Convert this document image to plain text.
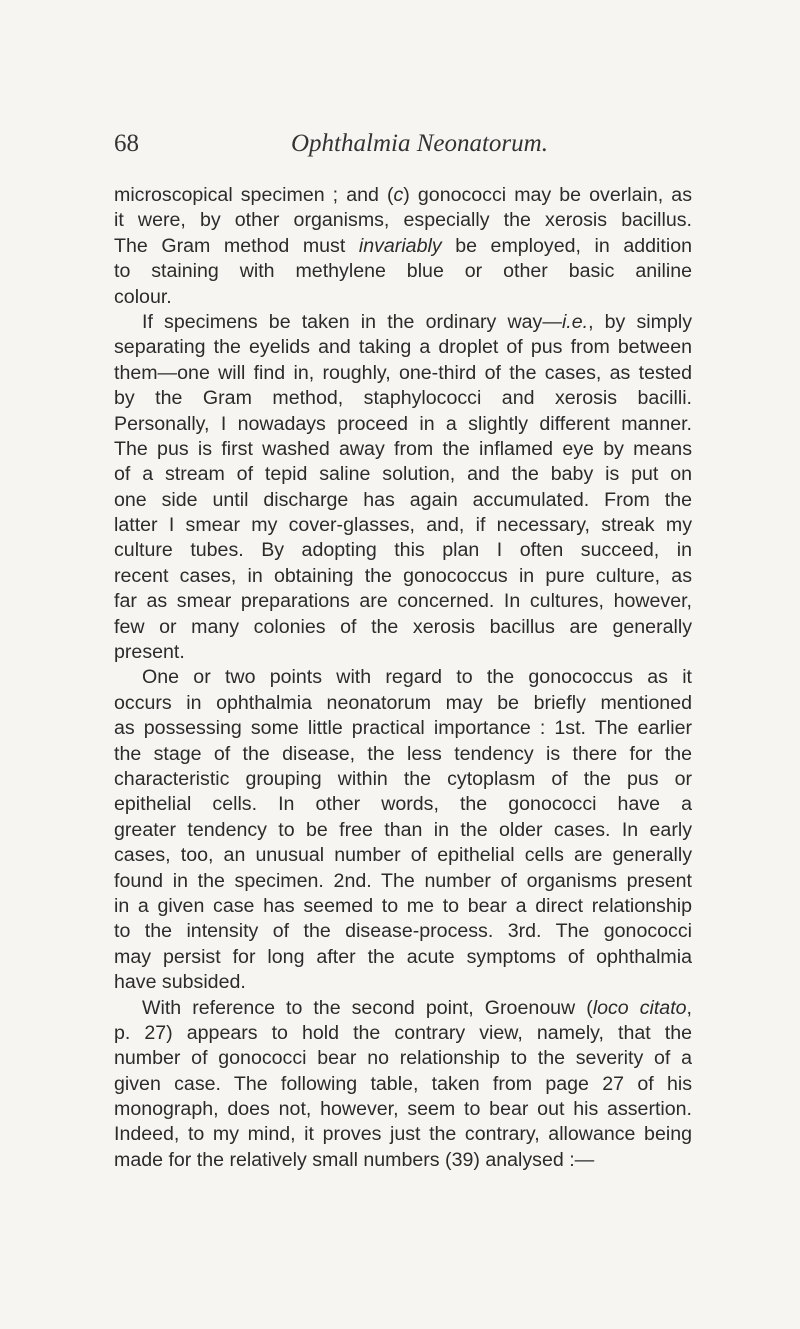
68	Ophthalmia Neonatorum.
microscopical specimen ; and (c) gonococci may be overlain, as
it were, by other organisms, especially the xerosis bacillus.
The Gram method must invariably be employed, in addition
to staining with methylene blue or other basic aniline
colour.
If specimens be taken in the ordinary way—i.e., by simply
separating the eyelids and taking a droplet of pus from between
them—one will find in, roughly, one-third of the cases, as tested
by the Gram method, staphylococci and xerosis bacilli.
Personally, I nowadays proceed in a slightly different manner.
The pus is first washed away from the inflamed eye by means
of a stream of tepid saline solution, and the baby is put on
one side until discharge has again accumulated. From the
latter I smear my cover-glasses, and, if necessary, streak my
culture tubes. By adopting this plan I often succeed, in
recent cases, in obtaining the gonococcus in pure culture, as
far as smear preparations are concerned. In cultures, however,
few or many colonies of the xerosis bacillus are generally
present.
One or two points with regard to the gonococcus as it
occurs in ophthalmia neonatorum may be briefly mentioned
as possessing some little practical importance : 1st. The earlier
the stage of the disease, the less tendency is there for the
characteristic grouping within the cytoplasm of the pus or
epithelial cells. In other words, the gonococci have a
greater tendency to be free than in the older cases. In early
cases, too, an unusual number of epithelial cells are generally
found in the specimen. 2nd. The number of organisms present
in a given case has seemed to me to bear a direct relationship
to the intensity of the disease-process. 3rd. The gonococci
may persist for long after the acute symptoms of ophthalmia
have subsided.
With reference to the second point, Groenouw (loco citato,
p. 27) appears to hold the contrary view, namely, that the
number of gonococci bear no relationship to the severity of a
given case. The following table, taken from page 27 of his
monograph, does not, however, seem to bear out his assertion.
Indeed, to my mind, it proves just the contrary, allowance being
made for the relatively small numbers (39) analysed :—
